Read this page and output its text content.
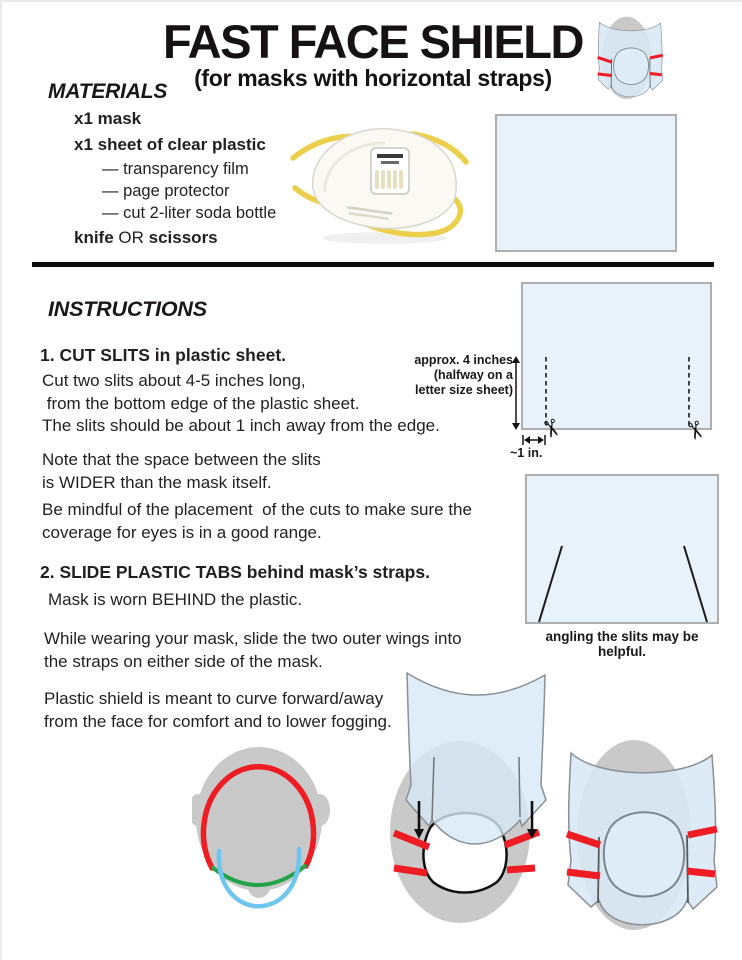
FAST FACE SHIELD
(for masks with horizontal straps)
MATERIALS
x1 mask
x1 sheet of clear plastic
— transparency film
— page protector
— cut 2-liter soda bottle
knife OR scissors
INSTRUCTIONS
1. CUT SLITS in plastic sheet.
Cut two slits about 4-5 inches long,
from the bottom edge of the plastic sheet.
The slits should be about 1 inch away from the edge.
Note that the space between the slits
is WIDER than the mask itself.
Be mindful of the placement  of the cuts to make sure the
coverage for eyes is in a good range.
2. SLIDE PLASTIC TABS behind mask’s straps.
Mask is worn BEHIND the plastic.
While wearing your mask, slide the two outer wings into
the straps on either side of the mask.
Plastic shield is meant to curve forward/away
from the face for comfort and to lower fogging.
✂	✂
approx. 4 inches
(halfway on a
letter size sheet)
~1 in.
angling the slits may be helpful.
